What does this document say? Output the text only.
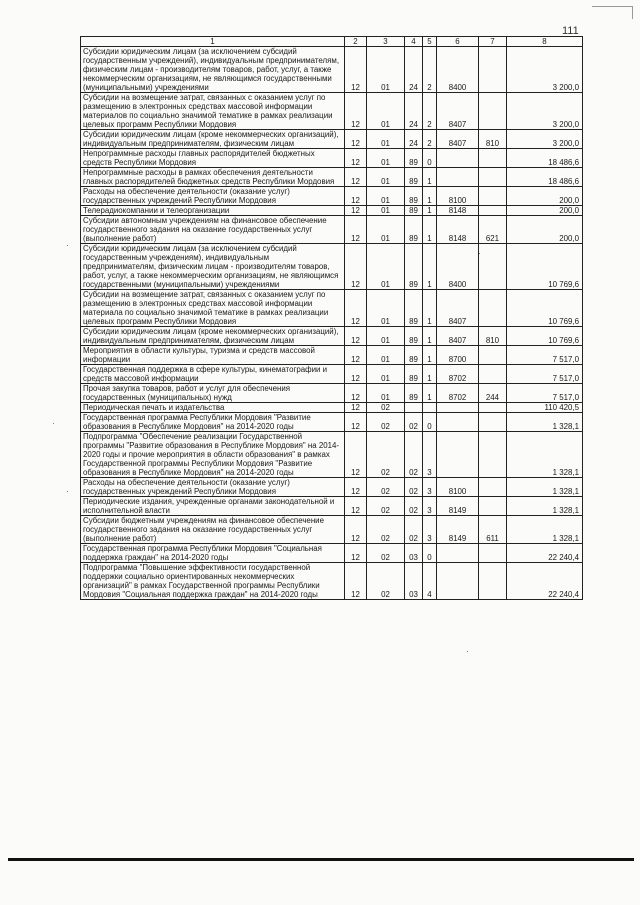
111
·
·
·
·
·
1	2	3	4	5	6	7	8
Субсидии юридическим лицам (за исключением субсидий государственным учреждений), индивидуальным предпринимателям, физическим лицам - производителям товаров, работ, услуг, а также некоммерческим организациям, не являющимся государственными (муниципальными) учреждениями	12	01	24	2	8400		3 200,0
Субсидии на возмещение затрат, связанных с оказанием услуг по размещению в электронных средствах массовой информации материалов по социально значимой тематике в рамках реализации целевых программ Республики Мордовия	12	01	24	2	8407		3 200,0
Субсидии юридическим лицам (кроме некоммерческих организаций), индивидуальным предпринимателям, физическим лицам	12	01	24	2	8407	810	3 200,0
Непрограммные расходы главных распорядителей бюджетных средств Республики Мордовия	12	01	89	0			18 486,6
Непрограммные расходы в рамках обеспечения деятельности главных распорядителей бюджетных средств Республики Мордовия	12	01	89	1			18 486,6
Расходы на обеспечение деятельности (оказание услуг) государственных учреждений Республики Мордовия	12	01	89	1	8100		200,0
Телерадиокомпании и телеорганизации	12	01	89	1	8148		200,0
Субсидии автономным учреждениям на финансовое обеспечение государственного задания на оказание государственных услуг (выполнение работ)	12	01	89	1	8148	621	200,0
Субсидии юридическим лицам (за исключением субсидий государственным учреждениям), индивидуальным предпринимателям, физическим лицам - производителям товаров, работ, услуг, а также некоммерческим организациям, не являющимся государственными (муниципальными) учреждениями	12	01	89	1	8400		10 769,6
Субсидии на возмещение затрат, связанных с оказанием услуг по размещению в электронных средствах массовой информации материала по социально значимой тематике в рамках реализации целевых программ Республики Мордовия	12	01	89	1	8407		10 769,6
Субсидии юридическим лицам (кроме некоммерческих организаций), индивидуальным предпринимателям, физическим лицам	12	01	89	1	8407	810	10 769,6
Мероприятия в области культуры, туризма и средств массовой информации	12	01	89	1	8700		7 517,0
Государственная поддержка в сфере культуры, кинематографии и средств массовой информации	12	01	89	1	8702		7 517,0
Прочая закупка товаров, работ и услуг для обеспечения государственных (муниципальных) нужд	12	01	89	1	8702	244	7 517,0
Периодическая печать и издательства	12	02					110 420,5
Государственная программа Республики Мордовия "Развитие образования в Республике Мордовия" на 2014-2020 годы	12	02	02	0			1 328,1
Подпрограмма "Обеспечение реализации Государственной программы "Развитие образования в Республике Мордовия" на 2014-2020 годы и прочие мероприятия в области образования" в рамках Государственной программы Республики Мордовия "Развитие образования в Республике Мордовия" на 2014-2020 годы	12	02	02	3			1 328,1
Расходы на обеспечение деятельности (оказание услуг) государственных учреждений Республики Мордовия	12	02	02	3	8100		1 328,1
Периодические издания, учрежденные органами законодательной и исполнительной власти	12	02	02	3	8149		1 328,1
Субсидии бюджетным учреждениям на финансовое обеспечение государственного задания на оказание государственных услуг (выполнение работ)	12	02	02	3	8149	611	1 328,1
Государственная программа Республики Мордовия "Социальная поддержка граждан" на 2014-2020 годы	12	02	03	0			22 240,4
Подпрограмма "Повышение эффективности государственной поддержки социально ориентированных некоммерческих организаций" в рамках Государственной программы Республики Мордовия "Социальная поддержка граждан" на 2014-2020 годы	12	02	03	4			22 240,4
